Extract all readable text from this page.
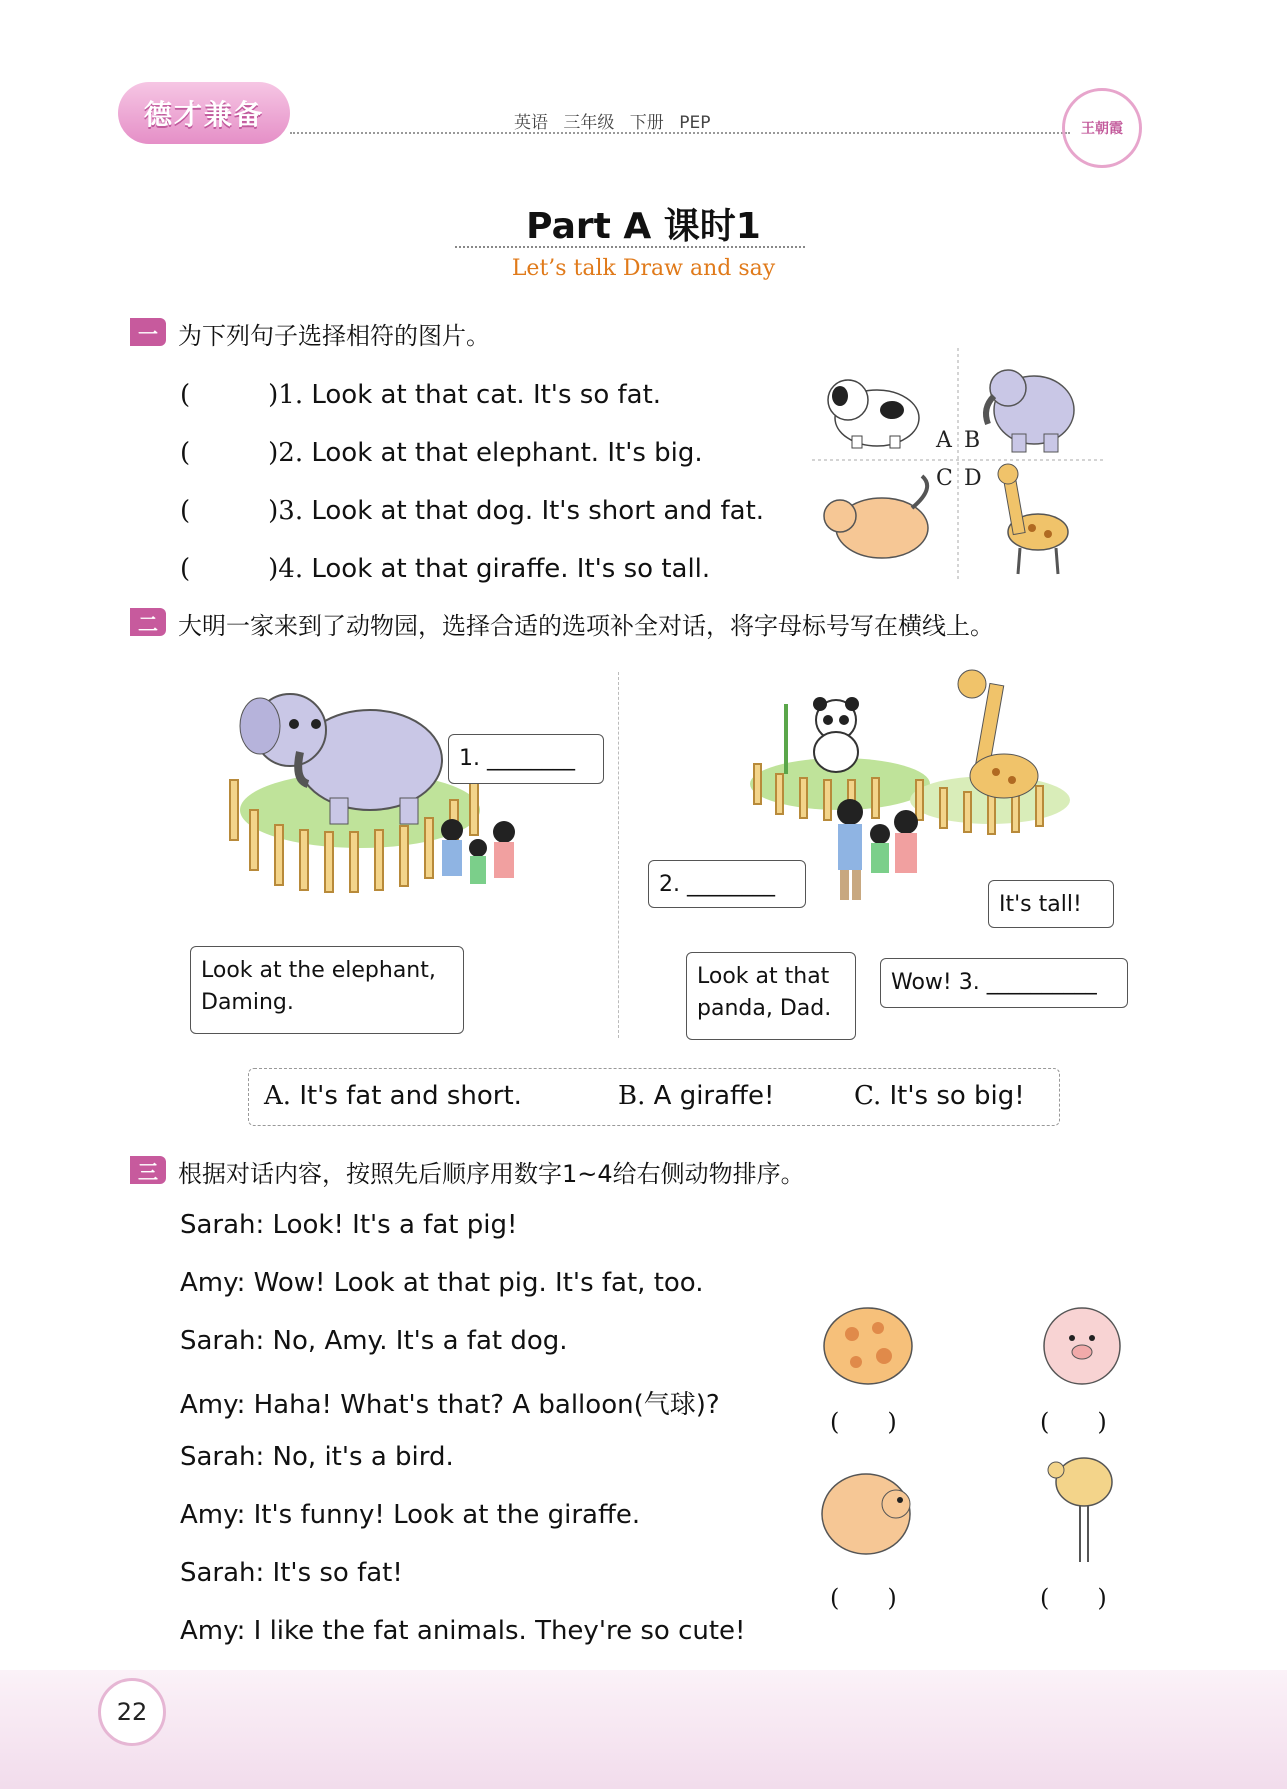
德才兼备	英语 三年级 下册 PEP	王朝霞
Part A 课时1
Let’s talk Draw and say
一 为下列句子选择相符的图片。
(　　　)1. Look at that cat. It's so fat.
(　　　)2. Look at that elephant. It's big.
(　　　)3. Look at that dog. It's short and fat.
(　　　)4. Look at that giraffe. It's so tall.
A B
C D
二 大明一家来到了动物园，选择合适的选项补全对话，将字母标号写在横线上。
1. ________
Look at the elephant,
Daming.
2. ________
It's tall!
Look at that
panda, Dad.
Wow! 3. __________
A. It's fat and short.	B. A giraffe!	C. It's so big!
三 根据对话内容，按照先后顺序用数字1~4给右侧动物排序。
Sarah: Look! It's a fat pig!
Amy: Wow! Look at that pig. It's fat, too.
Sarah: No, Amy. It's a fat dog.
Amy: Haha! What's that? A balloon(气球)?
Sarah: No, it's a bird.
Amy: It's funny! Look at the giraffe.
Sarah: It's so fat!
Amy: I like the fat animals. They're so cute!
(　　)	(　　)
(　　)	(　　)
22
